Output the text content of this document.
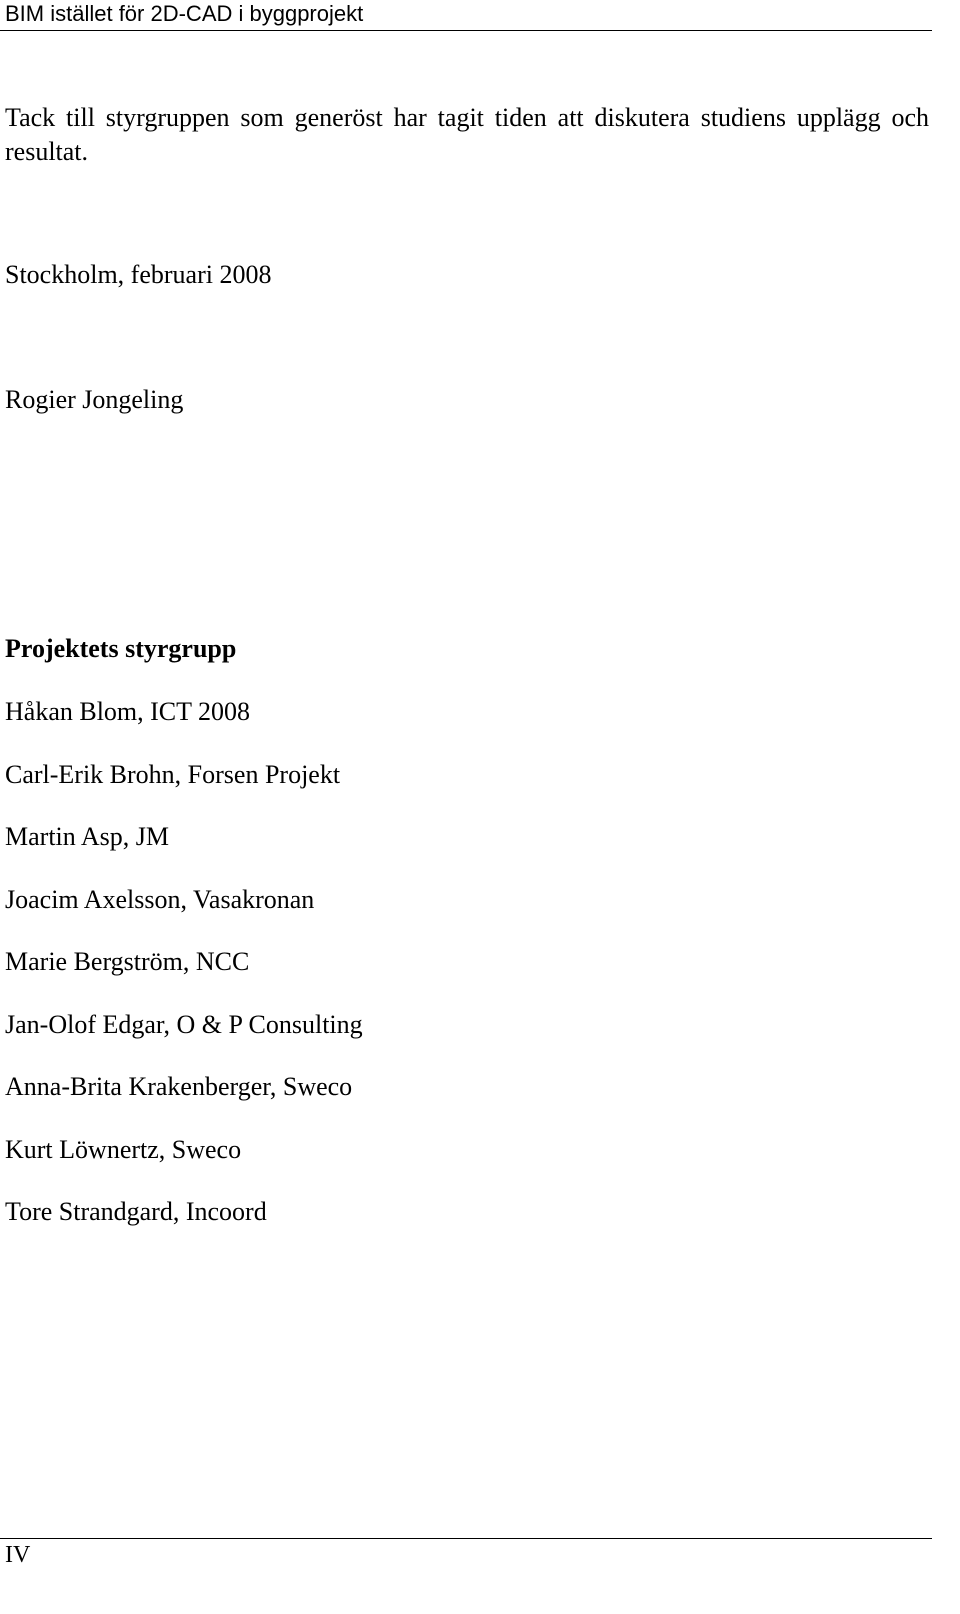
BIM istället för 2D-CAD i byggprojekt

Tack till styrgruppen som generöst har tagit tiden att diskutera studiens upplägg och resultat.

Stockholm, februari 2008
Rogier Jongeling
Projektets styrgrupp
Håkan Blom, ICT 2008
Carl-Erik Brohn, Forsen Projekt
Martin Asp, JM
Joacim Axelsson, Vasakronan
Marie Bergström, NCC
Jan-Olof Edgar, O & P Consulting
Anna-Brita Krakenberger, Sweco
Kurt Löwnertz, Sweco
Tore Strandgard, Incoord
IV
